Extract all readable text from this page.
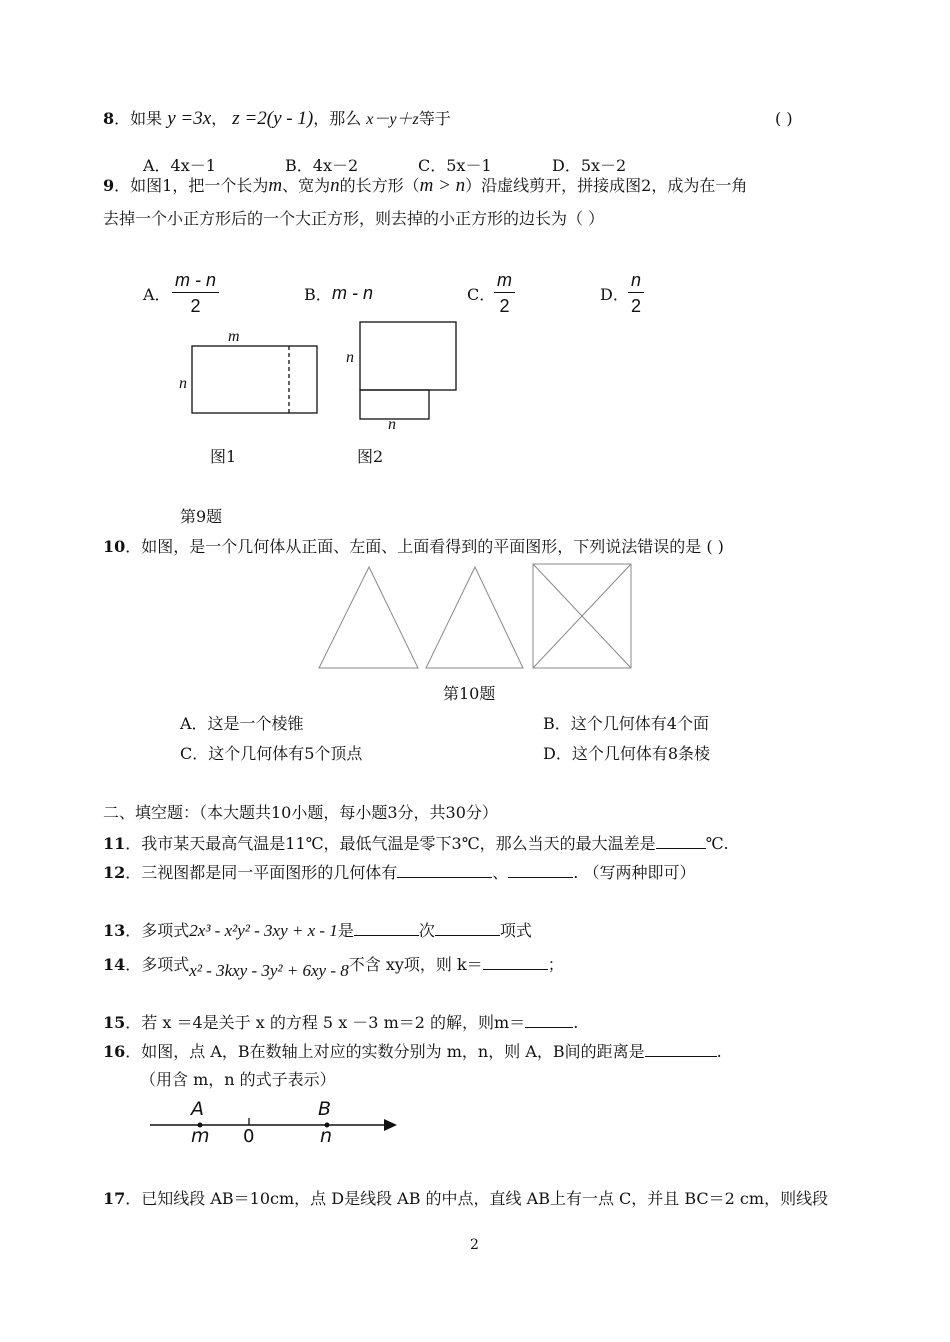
8．如果 y =3x， z =2(y - 1)，那么 x－y＋z等于	( )
A．4x－1	B．4x－2	C．5x－1	D．5x－2
9．如图1，把一个长为m、宽为n的长方形（m > n）沿虚线剪开，拼接成图2，成为在一角
去掉一个小正方形后的一个大正方形，则去掉的小正方形的边长为（ ）
A． $\frac{m - n}{2}$	B． m - n	C．
$\frac{m}{2}$	D． $\frac{n}{2}$
m
n
n
n
图1	图2
第9题
10．如图，是一个几何体从正面、左面、上面看得到的平面图形，下列说法错误的是 ( )
第10题
A．这是一个棱锥	B．这个几何体有4个面
C．这个几何体有5个顶点	D．这个几何体有8条棱
二、填空题：（本大题共10小题，每小题3分，共30分）
11．我市某天最高气温是11℃，最低气温是零下3℃，那么当天的最大温差是	℃.
12．三视图都是同一平面图形的几何体有	、	. （写两种即可）
13．多项式2x³ - x²y² - 3xy + x - 1是	次	项式
14．多项式x² - 3kxy - 3y² + 6xy - 8不含 xy项，则 k＝	；
15．若 x ＝4是关于 x 的方程 5 x －3 m＝2 的解，则m＝	.
16．如图，点 A，B在数轴上对应的实数分别为 m，n，则 A，B间的距离是	.
（用含 m，n 的式子表示）
A	B
m 0	n
17．已知线段 AB＝10cm，点 D是线段 AB 的中点，直线 AB上有一点 C，并且 BC＝2 cm，则线段
2
